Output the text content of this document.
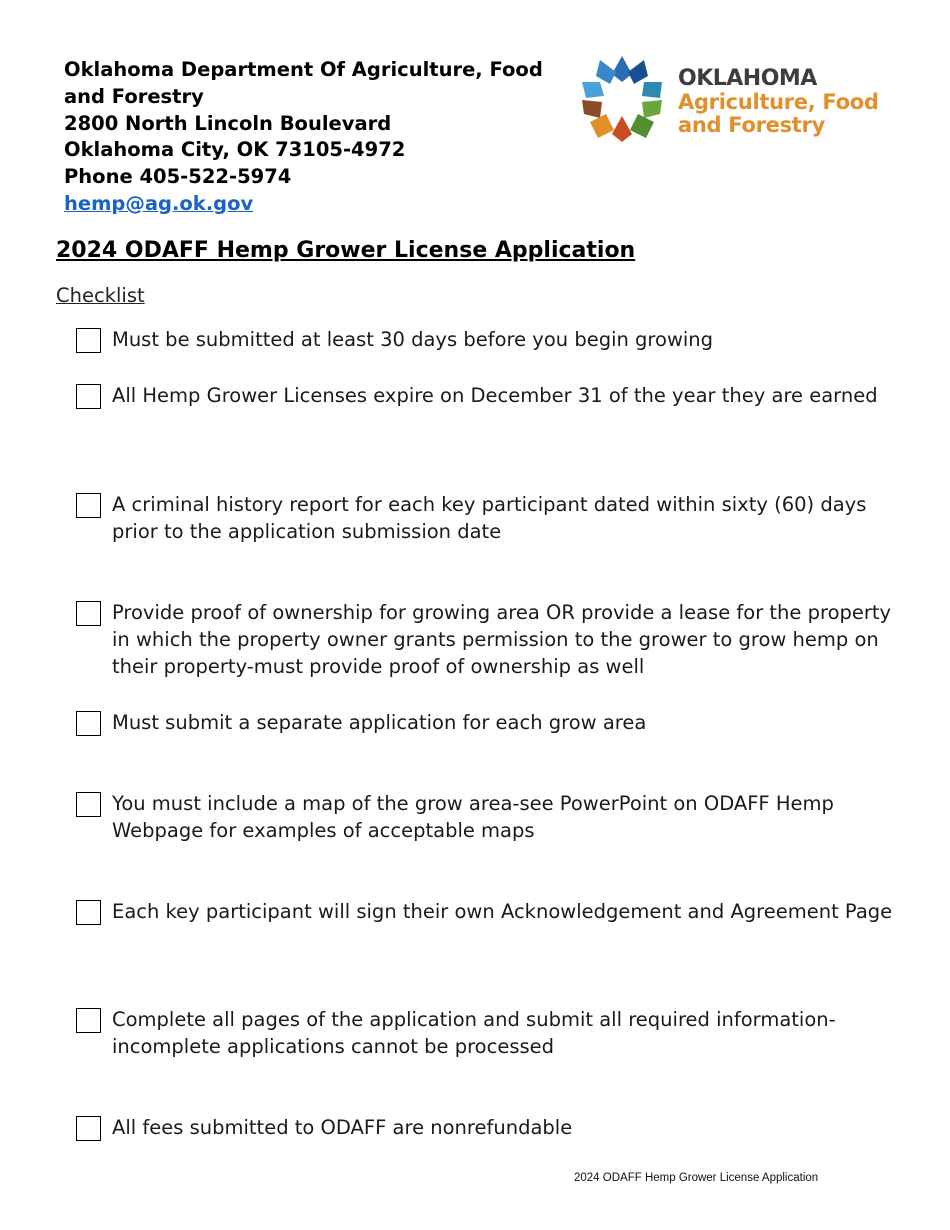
Oklahoma Department Of Agriculture, Food
and Forestry
2800 North Lincoln Boulevard
Oklahoma City, OK 73105-4972
Phone 405-522-5974
hemp@ag.ok.gov
OKLAHOMA
Agriculture, Food
and Forestry
2024 ODAFF Hemp Grower License Application
Checklist
Must be submitted at least 30 days before you begin growing
All Hemp Grower Licenses expire on December 31 of the year they are earned
A criminal history report for each key participant dated within sixty (60) days prior to the application submission date
Provide proof of ownership for growing area OR provide a lease for the property in which the property owner grants permission to the grower to grow hemp on their property-must provide proof of ownership as well
Must submit a separate application for each grow area
You must include a map of the grow area-see PowerPoint on ODAFF Hemp Webpage for examples of acceptable maps
Each key participant will sign their own Acknowledgement and Agreement Page
Complete all pages of the application and submit all required information-incomplete applications cannot be processed
All fees submitted to ODAFF are nonrefundable
2024 ODAFF Hemp Grower License Application
